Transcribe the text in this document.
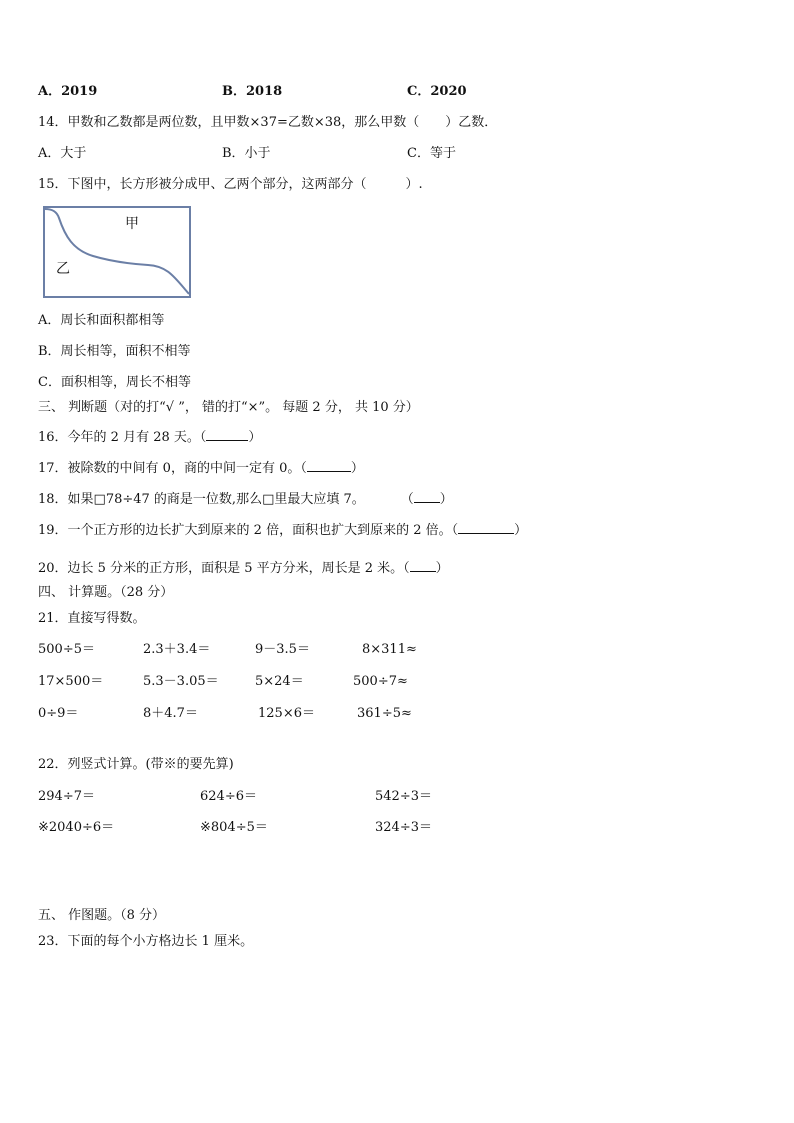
A．2019	B．2018	C．2020
14．甲数和乙数都是两位数，且甲数×37=乙数×38，那么甲数（　　）乙数．
A．大于	B．小于	C．等于
15．下图中，长方形被分成甲、乙两个部分，这两部分（　　　）.
甲
乙
A．周长和面积都相等
B．周长相等，面积不相等
C．面积相等，周长不相等
三、 判断题（对的打“√ ”， 错的打“×”。 每题 2 分， 共 10 分）
16．今年的 2 月有 28 天。（	）
17．被除数的中间有 0，商的中间一定有 0。（	）
18．如果□78÷47 的商是一位数,那么□里最大应填 7。	（ ）
19．一个正方形的边长扩大到原来的 2 倍，面积也扩大到原来的 2 倍。（	）
20．边长 5 分米的正方形，面积是 5 平方分米，周长是 2 米。（ ）
四、 计算题。（28 分）
21．直接写得数。
500÷5＝	2.3＋3.4＝	9－3.5＝	8×311≈
17×500＝	5.3－3.05＝	5×24＝	500÷7≈
0÷9＝	8＋4.7＝	125×6＝	361÷5≈
22．列竖式计算。(带※的要先算)
294÷7＝	624÷6＝	542÷3＝
※2040÷6＝	※804÷5＝	324÷3＝
五、 作图题。（8 分）
23．下面的每个小方格边长 1 厘米。
